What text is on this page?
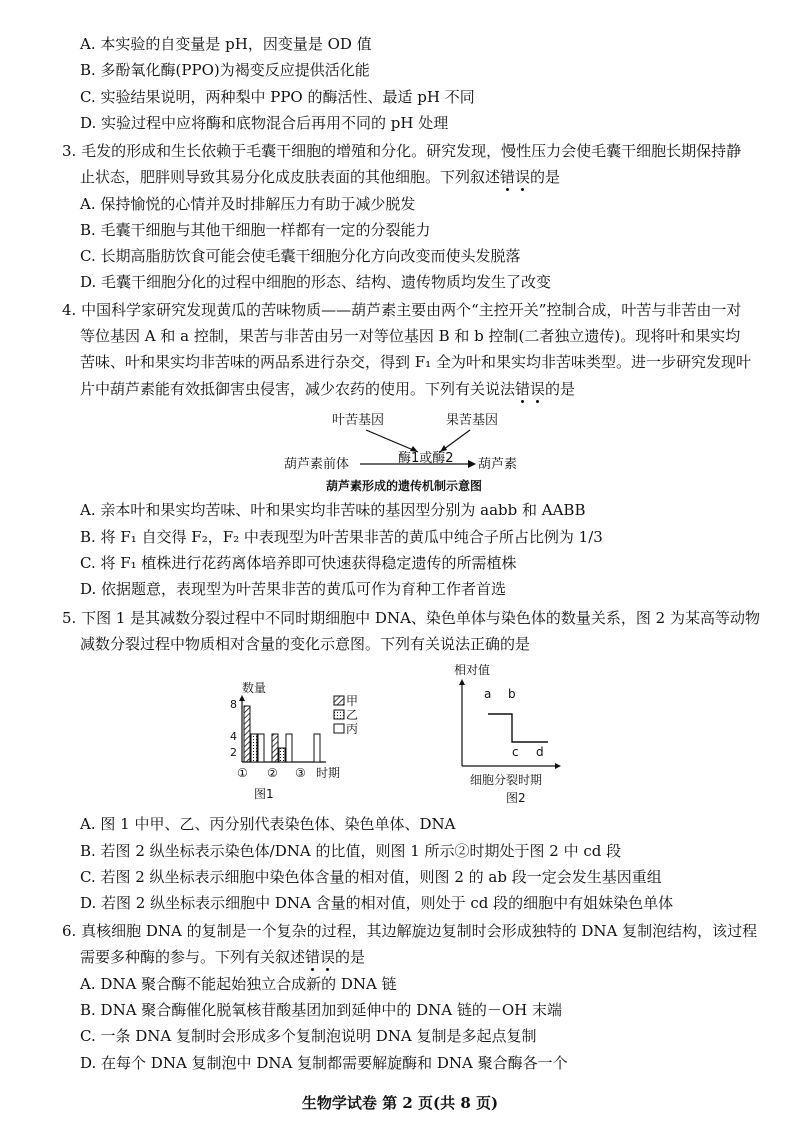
A. 本实验的自变量是 pH，因变量是 OD 值
B. 多酚氧化酶(PPO)为褐变反应提供活化能
C. 实验结果说明，两种梨中 PPO 的酶活性、最适 pH 不同
D. 实验过程中应将酶和底物混合后再用不同的 pH 处理
3. 毛发的形成和生长依赖于毛囊干细胞的增殖和分化。研究发现，慢性压力会使毛囊干细胞长期保持静
止状态，肥胖则导致其易分化成皮肤表面的其他细胞。下列叙述错误的是
A. 保持愉悦的心情并及时排解压力有助于减少脱发
B. 毛囊干细胞与其他干细胞一样都有一定的分裂能力
C. 长期高脂肪饮食可能会使毛囊干细胞分化方向改变而使头发脱落
D. 毛囊干细胞分化的过程中细胞的形态、结构、遗传物质均发生了改变
4. 中国科学家研究发现黄瓜的苦味物质——葫芦素主要由两个“主控开关”控制合成，叶苦与非苦由一对
等位基因 A 和 a 控制，果苦与非苦由另一对等位基因 B 和 b 控制(二者独立遗传)。现将叶和果实均
苦味、叶和果实均非苦味的两品系进行杂交，得到 F₁ 全为叶和果实均非苦味类型。进一步研究发现叶
片中葫芦素能有效抵御害虫侵害，减少农药的使用。下列有关说法错误的是
叶苦基因	果苦基因
酶1或酶2
葫芦素前体	葫芦素
葫芦素形成的遗传机制示意图
A. 亲本叶和果实均苦味、叶和果实均非苦味的基因型分别为 aabb 和 AABB
B. 将 F₁ 自交得 F₂，F₂ 中表现型为叶苦果非苦的黄瓜中纯合子所占比例为 1/3
C. 将 F₁ 植株进行花药离体培养即可快速获得稳定遗传的所需植株
D. 依据题意，表现型为叶苦果非苦的黄瓜可作为育种工作者首选
5. 下图 1 是其减数分裂过程中不同时期细胞中 DNA、染色单体与染色体的数量关系，图 2 为某高等动物
减数分裂过程中物质相对含量的变化示意图。下列有关说法正确的是
数量
8
4
2
① ② ③ 时期
图1
甲
乙
丙
相对值
a b
c d
细胞分裂时期
图2
A. 图 1 中甲、乙、丙分别代表染色体、染色单体、DNA
B. 若图 2 纵坐标表示染色体/DNA 的比值，则图 1 所示②时期处于图 2 中 cd 段
C. 若图 2 纵坐标表示细胞中染色体含量的相对值，则图 2 的 ab 段一定会发生基因重组
D. 若图 2 纵坐标表示细胞中 DNA 含量的相对值，则处于 cd 段的细胞中有姐妹染色单体
6. 真核细胞 DNA 的复制是一个复杂的过程，其边解旋边复制时会形成独特的 DNA 复制泡结构，该过程
需要多种酶的参与。下列有关叙述错误的是
A. DNA 聚合酶不能起始独立合成新的 DNA 链
B. DNA 聚合酶催化脱氧核苷酸基团加到延伸中的 DNA 链的－OH 末端
C. 一条 DNA 复制时会形成多个复制泡说明 DNA 复制是多起点复制
D. 在每个 DNA 复制泡中 DNA 复制都需要解旋酶和 DNA 聚合酶各一个
生物学试卷 第 2 页(共 8 页)
